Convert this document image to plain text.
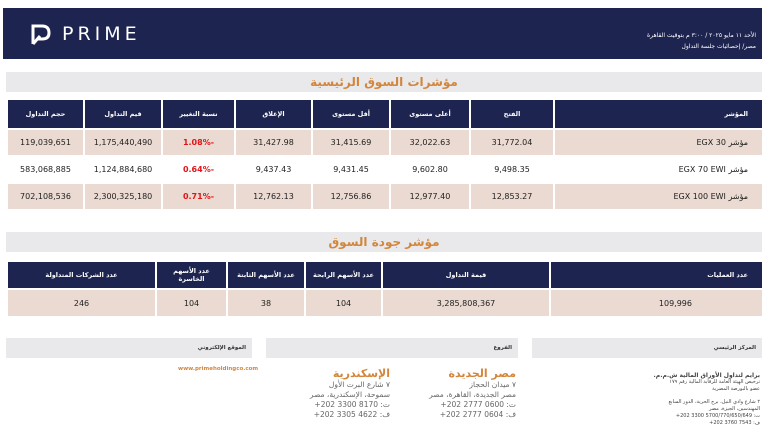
PRIME	الأحد ١١ مايو ٢٠٢٥ / ٣:٠٠ م بتوقيت القاهرة
مصر/ إحصائيات جلسة التداول
مؤشرات السوق الرئيسية
المؤشر	الفتح	أعلى مستوى	أقل مستوى	الإغلاق	نسبة التغيير	قيم التداول	حجم التداول
مؤشر EGX 30	31,772.04	32,022.63	31,415.69	31,427.98	-1.08%	1,175,440,490	119,039,651
مؤشر EGX 70 EWI	9,498.35	9,602.80	9,431.45	9,437.43	-0.64%	1,124,884,680	583,068,885
مؤشر EGX 100 EWI	12,853.27	12,977.40	12,756.86	12,762.13	-0.71%	2,300,325,180	702,108,536
مؤشر جودة السوق
عدد العمليات	قيمة التداول	عدد الأسهم الرابحة	عدد الأسهم الثابتة	عدد الأسهم الخاسرة	عدد الشركات المتداولة
109,996	3,285,808,367	104	38	104	246
المركز الرئيسي
الفروع
الموقع الإلكتروني
برايم لتداول الأوراق المالية ش.م.م.
ترخيص الهيئة العامة للرقابة المالية رقم ١٧٩
عضو بالبورصة المصرية
٢ شارع وادي النيل، برج الحرية، الدور السابع
المهندسين، الجيزة، مصر
ت: 5700/770/650/649 3300 202+
ف: 7543 3760 202+
مصر الجديدة
٧ ميدان الحجاز
مصر الجديدة، القاهرة، مصر
ت: 0600 2777 202+
ف: 0604 2777 202+
الإسكندرية
٧ شارع البرت الأول
سموحة، الإسكندرية، مصر
ت: 8170 3300 202+
ف: 4622 3305 202+
www.primeholdingco.com
